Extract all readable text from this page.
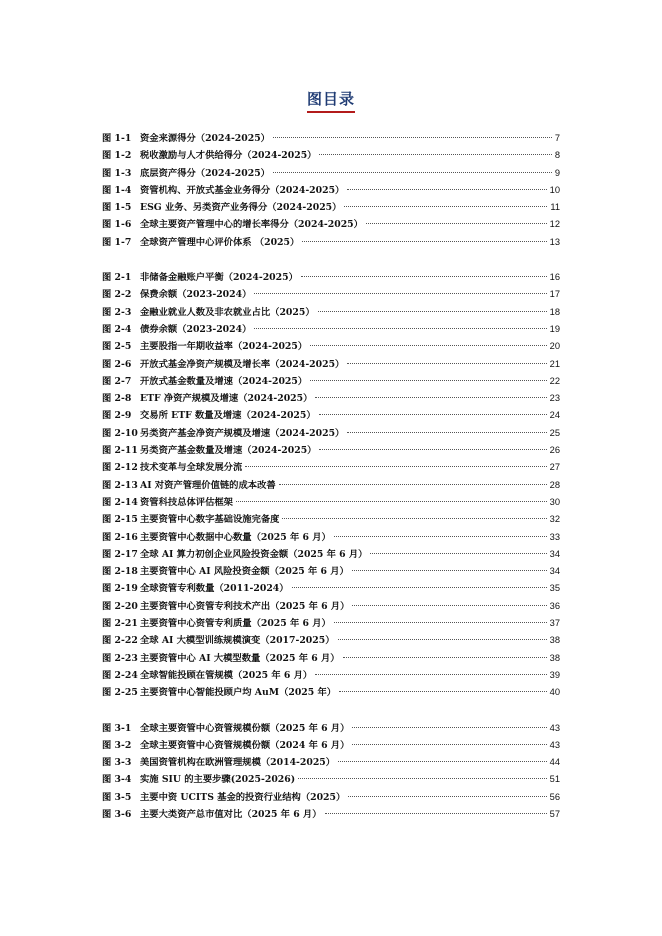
图目录
图 1-1 资金来源得分（2024-2025）	7
图 1-2 税收激励与人才供给得分（2024-2025）	8
图 1-3 底层资产得分（2024-2025）	9
图 1-4 资管机构、开放式基金业务得分（2024-2025）	10
图 1-5 ESG 业务、另类资产业务得分（2024-2025）	11
图 1-6 全球主要资产管理中心的增长率得分（2024-2025）	12
图 1-7 全球资产管理中心评价体系 （2025）	13
图 2-1 非储备金融账户平衡（2024-2025）	16
图 2-2 保费余额（2023-2024）	17
图 2-3 金融业就业人数及非农就业占比（2025）	18
图 2-4 债券余额（2023-2024）	19
图 2-5 主要股指一年期收益率（2024-2025）	20
图 2-6 开放式基金净资产规模及增长率（2024-2025）	21
图 2-7 开放式基金数量及增速（2024-2025）	22
图 2-8 ETF 净资产规模及增速（2024-2025）	23
图 2-9 交易所 ETF 数量及增速（2024-2025）	24
图 2-10 另类资产基金净资产规模及增速（2024-2025）	25
图 2-11 另类资产基金数量及增速（2024-2025）	26
图 2-12 技术变革与全球发展分流	27
图 2-13 AI 对资产管理价值链的成本改善	28
图 2-14 资管科技总体评估框架	30
图 2-15 主要资管中心数字基础设施完备度	32
图 2-16 主要资管中心数据中心数量（2025 年 6 月）	33
图 2-17 全球 AI 算力初创企业风险投资金额（2025 年 6 月）	34
图 2-18 主要资管中心 AI 风险投资金额（2025 年 6 月）	34
图 2-19 全球资管专利数量（2011-2024）	35
图 2-20 主要资管中心资管专利技术产出（2025 年 6 月）	36
图 2-21 主要资管中心资管专利质量（2025 年 6 月）	37
图 2-22 全球 AI 大模型训练规模演变（2017-2025）	38
图 2-23 主要资管中心 AI 大模型数量（2025 年 6 月）	38
图 2-24 全球智能投顾在管规模（2025 年 6 月）	39
图 2-25 主要资管中心智能投顾户均 AuM（2025 年）	40
图 3-1 全球主要资管中心资管规模份额（2025 年 6 月）	43
图 3-2 全球主要资管中心资管规模份额（2024 年 6 月）	43
图 3-3 美国资管机构在欧洲管理规模（2014-2025）	44
图 3-4 实施 SIU 的主要步骤(2025-2026)	51
图 3-5 主要中资 UCITS 基金的投资行业结构（2025）	56
图 3-6 主要大类资产总市值对比（2025 年 6 月）	57
